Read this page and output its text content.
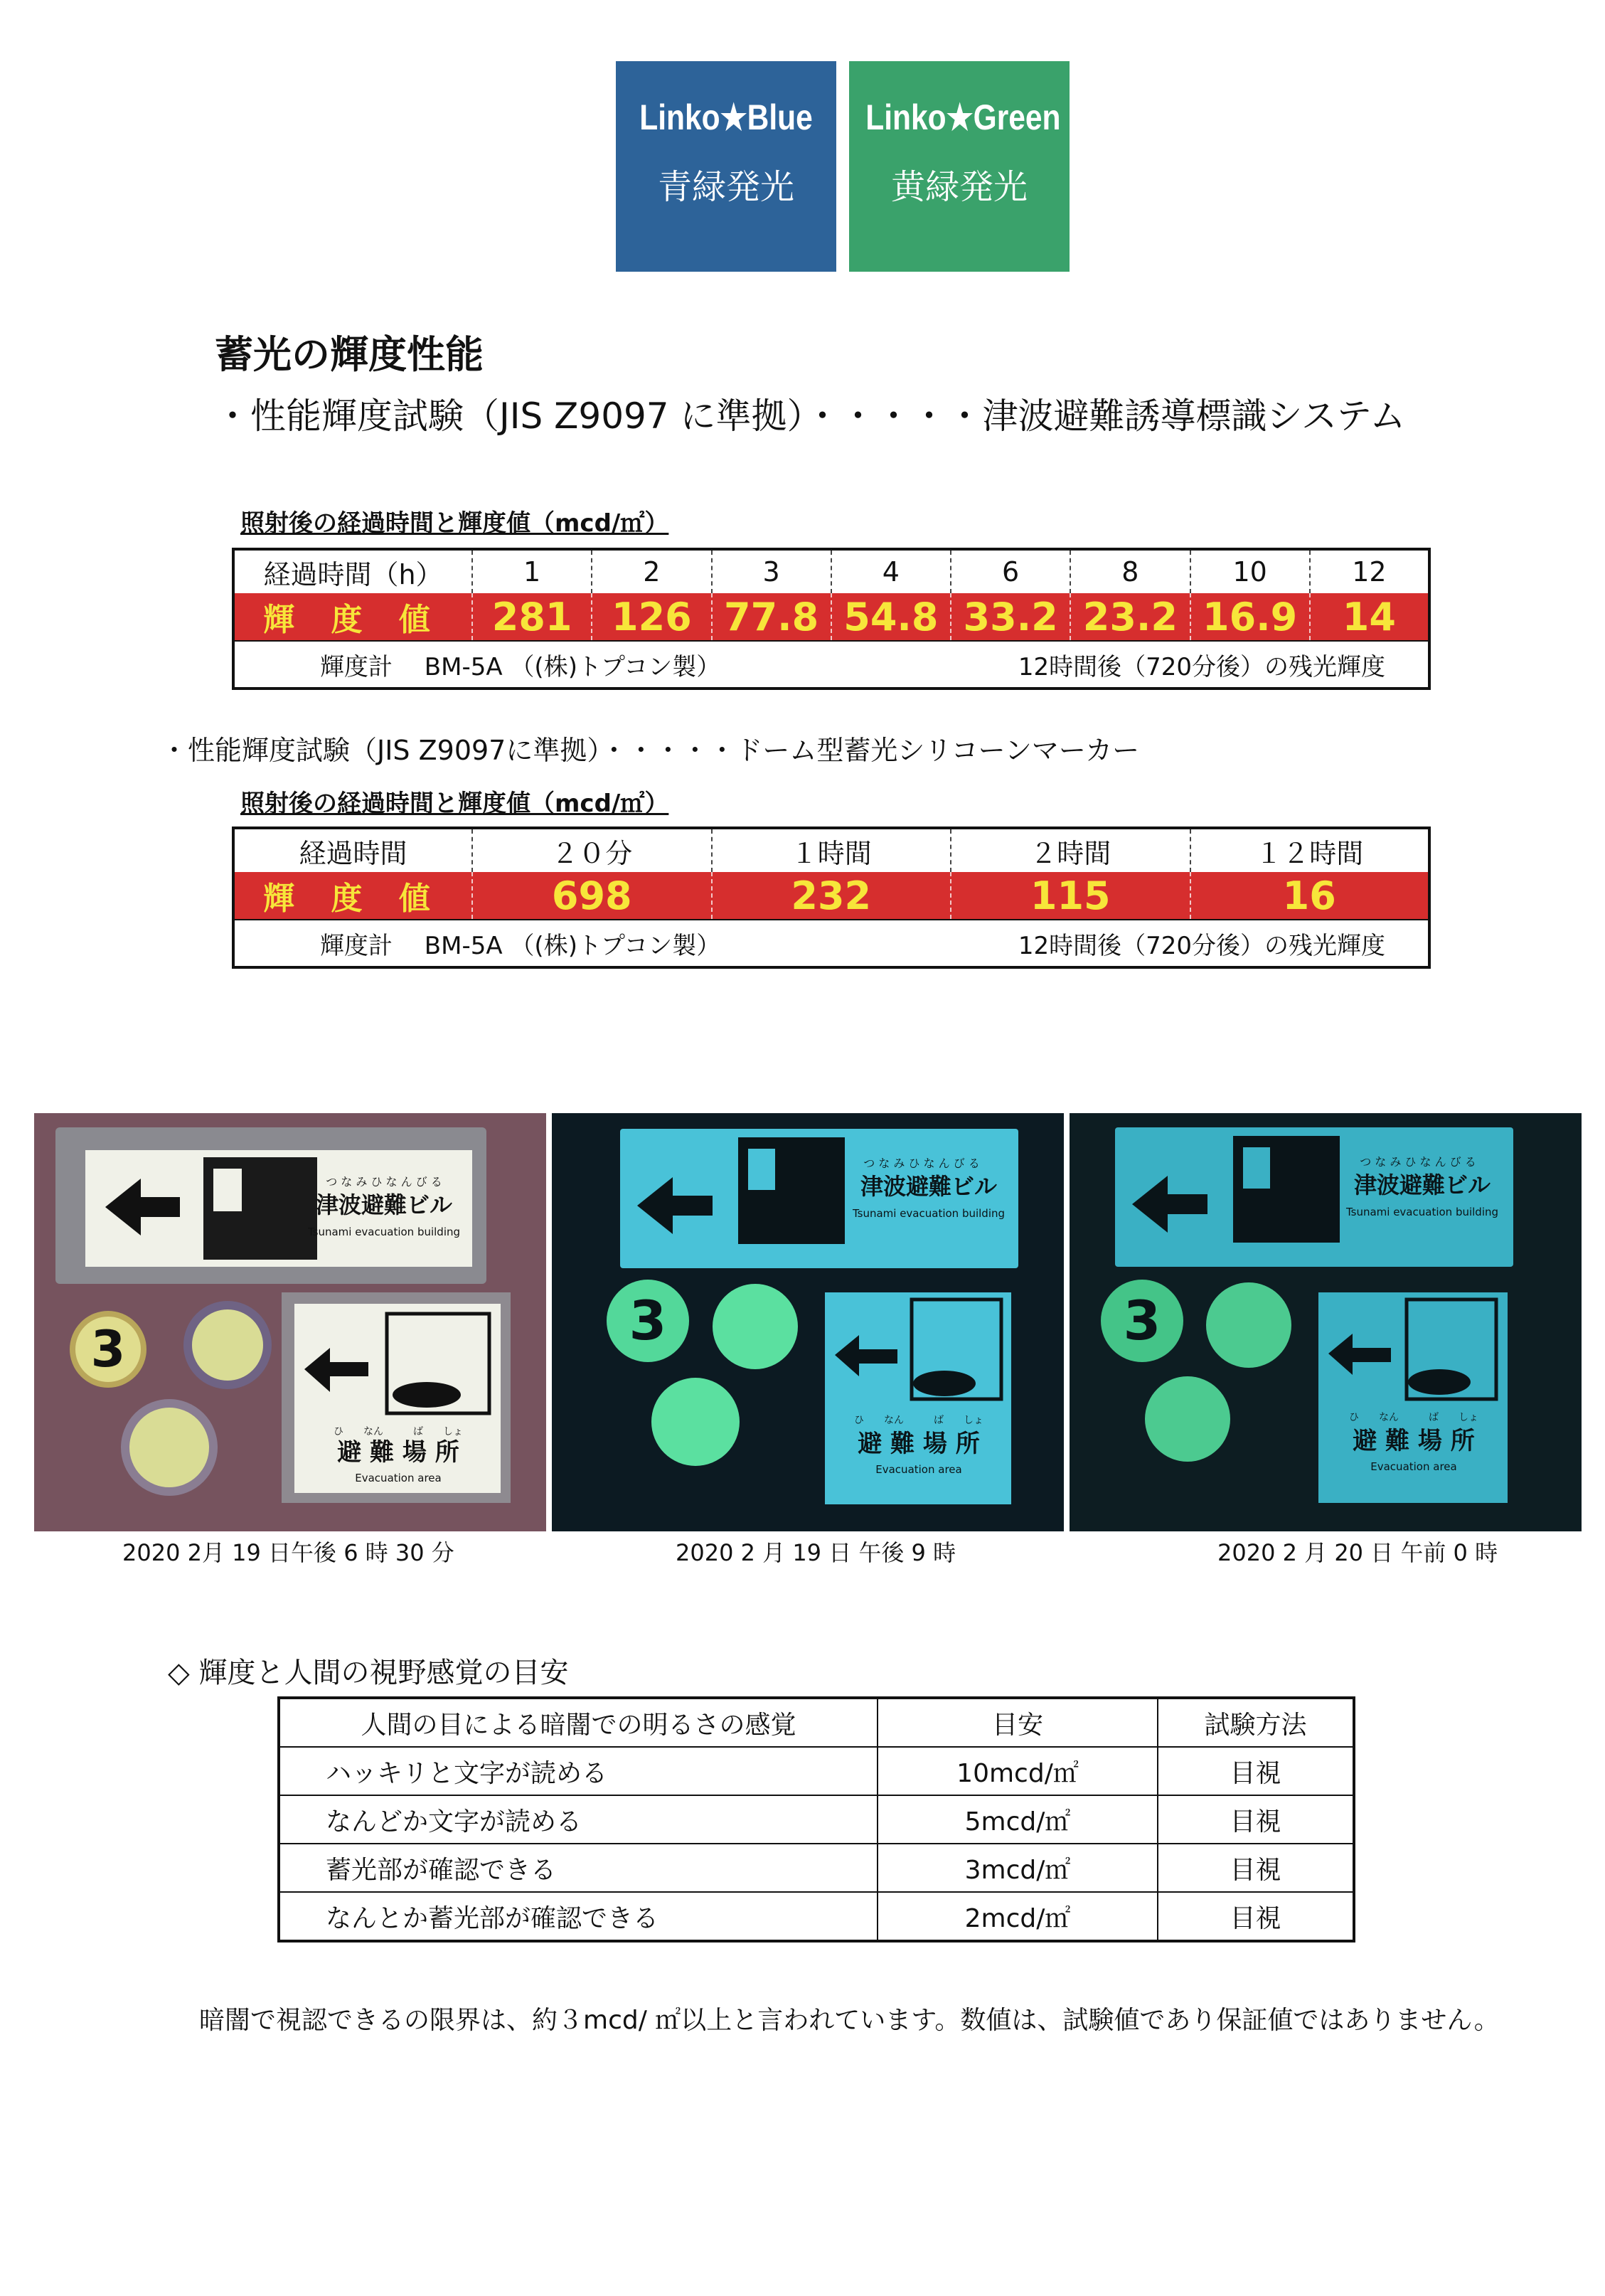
Linko★Blue
青緑発光
Linko★Green
黄緑発光
蓄光の輝度性能
・性能輝度試験（JIS Z9097 に準拠）・・・・・津波避難誘導標識システム
照射後の経過時間と輝度値（mcd/㎡）
経過時間（h）	1	2	3	4	6	8	10	12
輝 度 値	281	126	77.8	54.8	33.2	23.2	16.9	14

輝度計　 BM-5A （(株)トプコン製） 12時間後（720分後）の残光輝度								
・性能輝度試験（JIS Z9097に準拠）・・・・・ドーム型蓄光シリコーンマーカー
照射後の経過時間と輝度値（mcd/㎡）
経過時間	２０分	１時間	２時間	１２時間
輝 度 値	698	232	115	16

輝度計　 BM-5A （(株)トプコン製） 12時間後（720分後）の残光輝度				
つ な み ひ な ん び る
津波避難ビル
Tsunami evacuation building
3
ひ　　なん　　　ば　　しょ
避 難 場 所
Evacuation area
つ な み ひ な ん び る
津波避難ビル
Tsunami evacuation building
3
ひ　　なん　　　ば　　しょ
避 難 場 所
Evacuation area
つ な み ひ な ん び る
津波避難ビル
Tsunami evacuation building
3
ひ　　なん　　　ば　　しょ
避 難 場 所
Evacuation area
2020 2月 19 日午後 6 時 30 分	2020 2 月 19 日 午後 9 時	2020 2 月 20 日 午前 0 時
◇ 輝度と人間の視野感覚の目安
人間の目による暗闇での明るさの感覚	目安	試験方法
ハッキリと文字が読める	10mcd/㎡	目視
なんどか文字が読める	5mcd/㎡	目視
蓄光部が確認できる	3mcd/㎡	目視
なんとか蓄光部が確認できる	2mcd/㎡	目視
暗闇で視認できるの限界は、約３mcd/ ㎡以上と言われています。数値は、試験値であり保証値ではありません。
